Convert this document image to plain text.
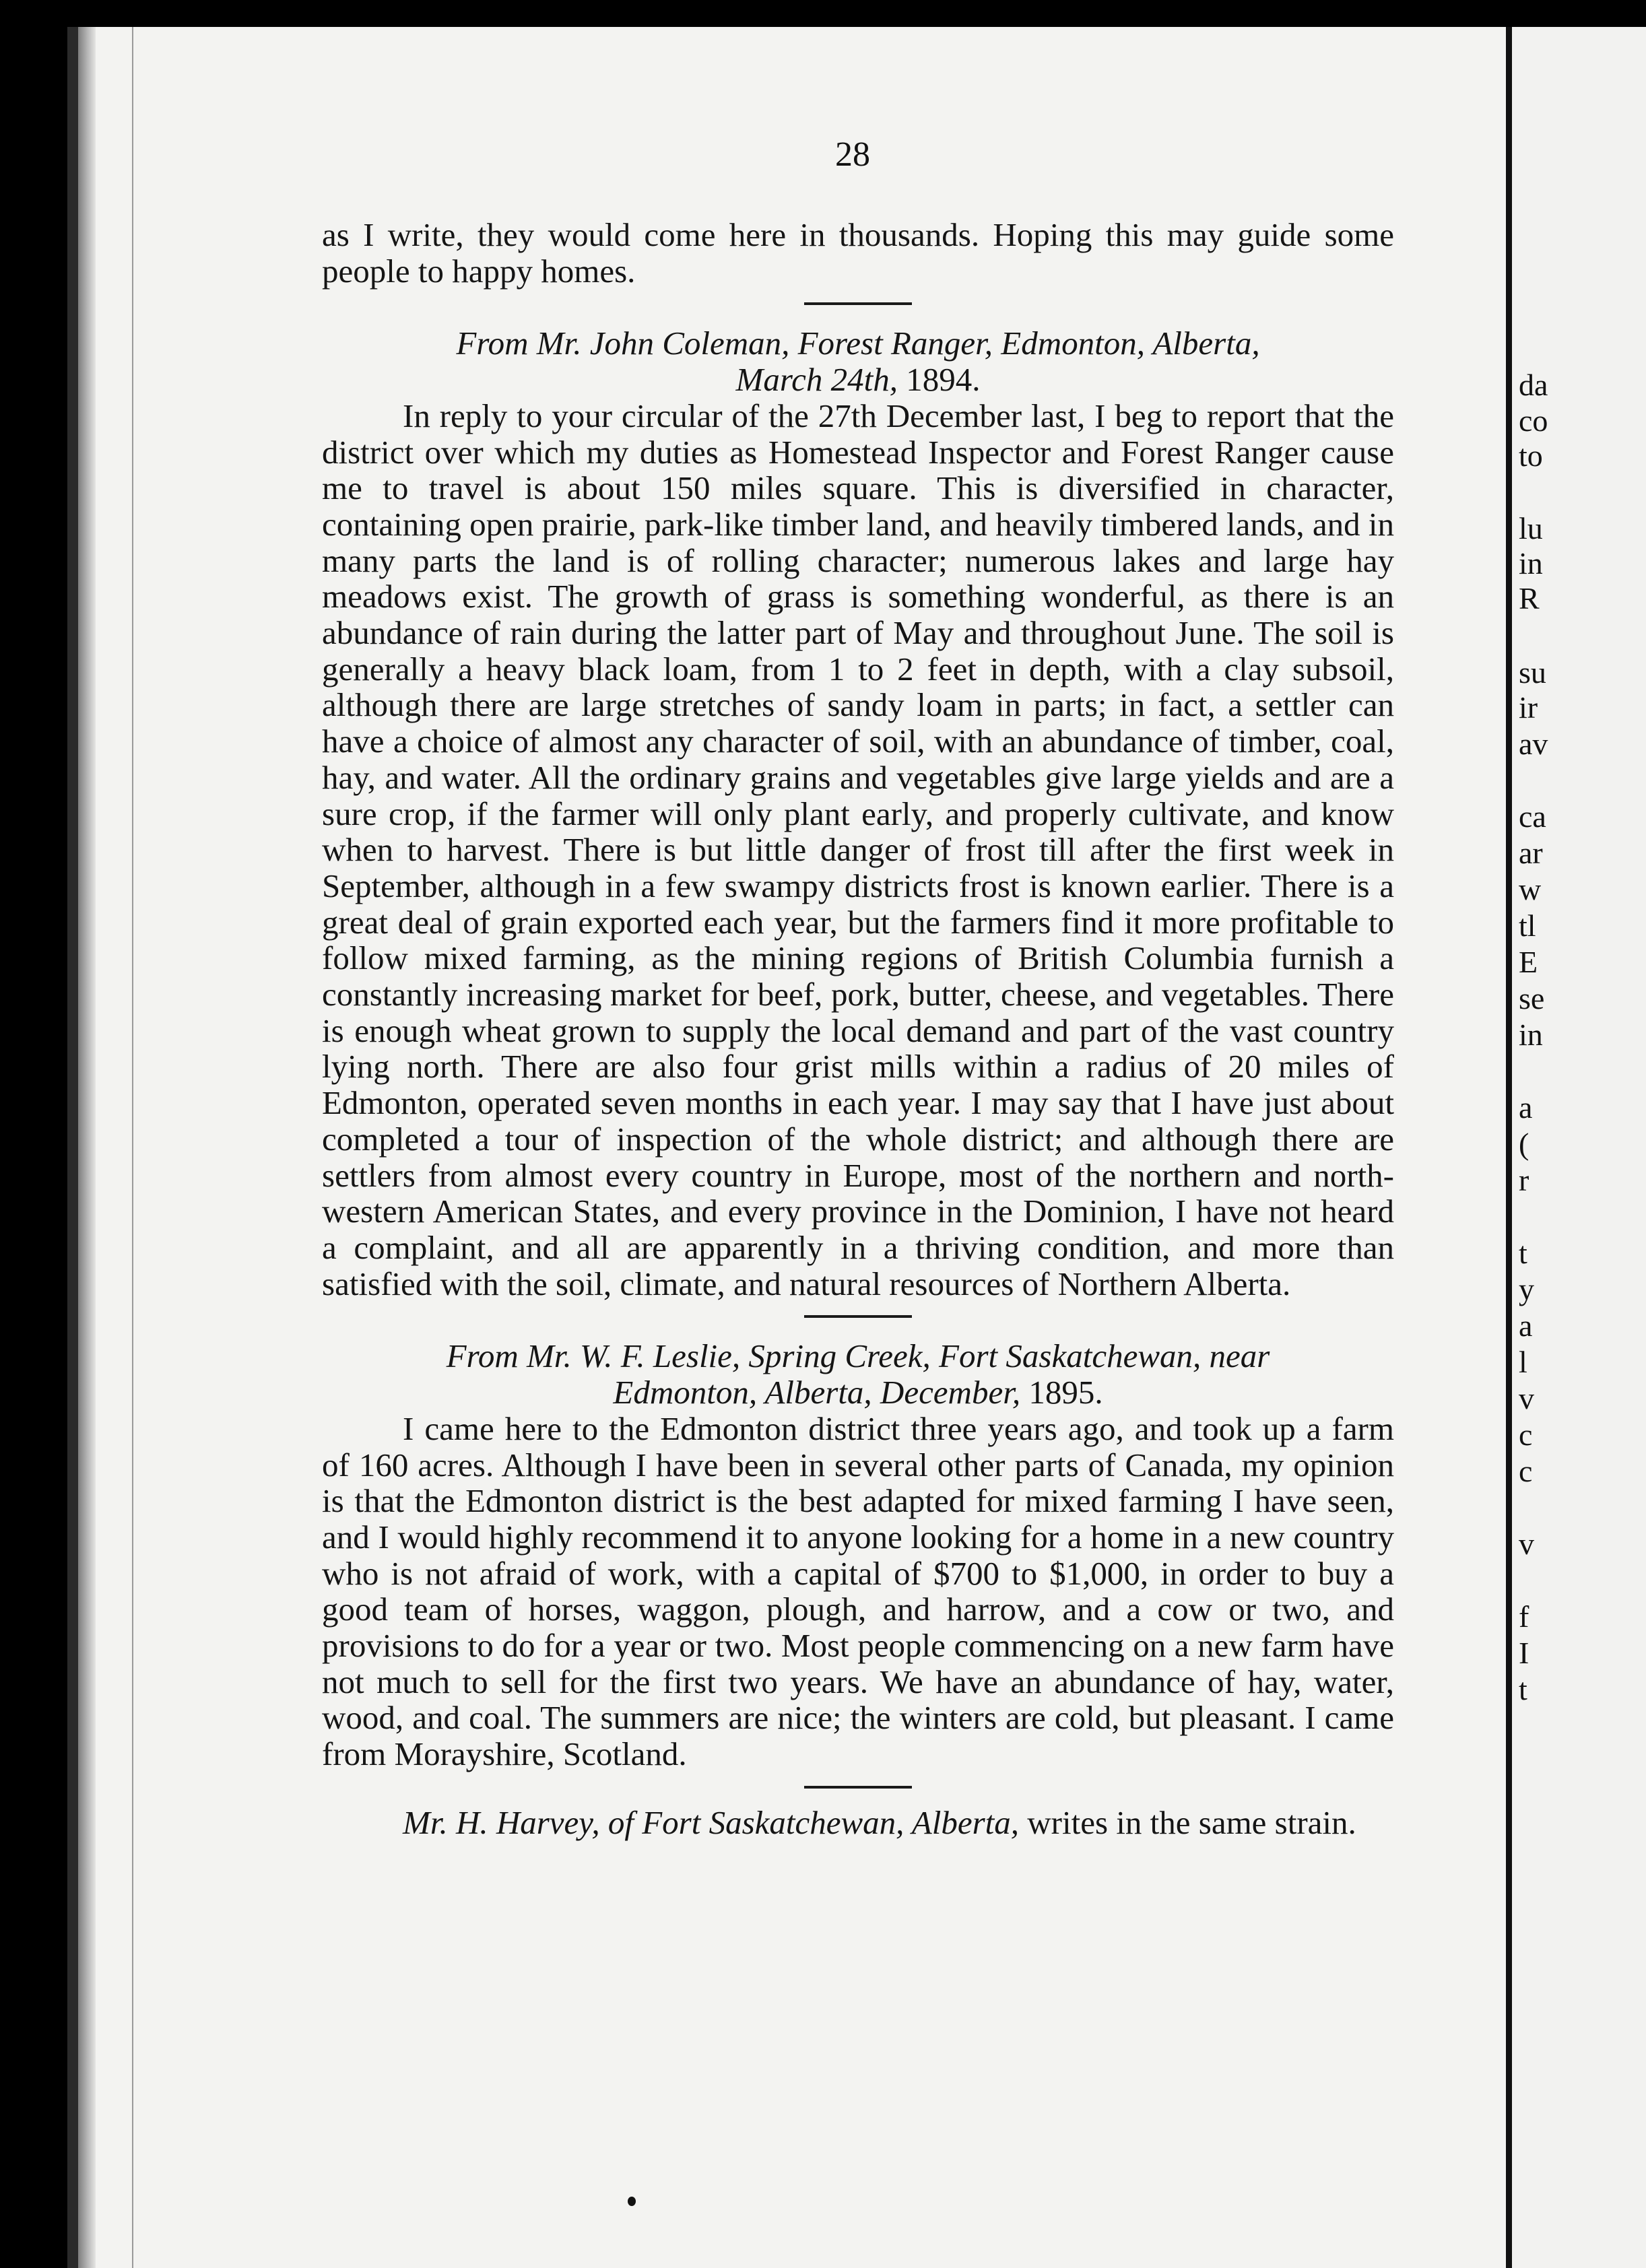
da
co
to
lu
in
R
su
ir
av
ca
ar
w
tl
E
se
in
a
(
r
t
y
a
l
v
c
c
v
f
I
t
28

as I write, they would come here in thousands. Hoping this may guide some people to happy homes.

From Mr. John Coleman, Forest Ranger, Edmonton, Alberta,
March 24th, 1894.

In reply to your circular of the 27th December last, I beg to report that the district over which my duties as Homestead Inspector and Forest Ranger cause me to travel is about 150 miles square. This is diversified in character, containing open prairie, park-like timber land, and heavily timbered lands, and in many parts the land is of rolling character; numerous lakes and large hay meadows exist. The growth of grass is something wonderful, as there is an abundance of rain during the latter part of May and throughout June. The soil is generally a heavy black loam, from 1 to 2 feet in depth, with a clay subsoil, although there are large stretches of sandy loam in parts; in fact, a settler can have a choice of almost any character of soil, with an abundance of timber, coal, hay, and water. All the ordinary grains and vegetables give large yields and are a sure crop, if the farmer will only plant early, and properly cultivate, and know when to harvest. There is but little danger of frost till after the first week in September, although in a few swampy districts frost is known earlier. There is a great deal of grain exported each year, but the farmers find it more profitable to follow mixed farming, as the mining regions of British Columbia furnish a constantly increasing market for beef, pork, butter, cheese, and vegetables. There is enough wheat grown to supply the local demand and part of the vast country lying north. There are also four grist mills within a radius of 20 miles of Edmonton, operated seven months in each year. I may say that I have just about completed a tour of inspection of the whole district; and although there are settlers from almost every country in Europe, most of the northern and north-western American States, and every province in the Dominion, I have not heard a complaint, and all are apparently in a thriving condition, and more than satisfied with the soil, climate, and natural resources of Northern Alberta.

From Mr. W. F. Leslie, Spring Creek, Fort Saskatchewan, near
Edmonton, Alberta, December, 1895.

I came here to the Edmonton district three years ago, and took up a farm of 160 acres. Although I have been in several other parts of Canada, my opinion is that the Edmonton district is the best adapted for mixed farming I have seen, and I would highly recommend it to anyone looking for a home in a new country who is not afraid of work, with a capital of $700 to $1,000, in order to buy a good team of horses, waggon, plough, and harrow, and a cow or two, and provisions to do for a year or two. Most people commencing on a new farm have not much to sell for the first two years. We have an abundance of hay, water, wood, and coal. The summers are nice; the winters are cold, but pleasant. I came from Morayshire, Scotland.

Mr. H. Harvey, of Fort Saskatchewan, Alberta, writes in the same strain.
